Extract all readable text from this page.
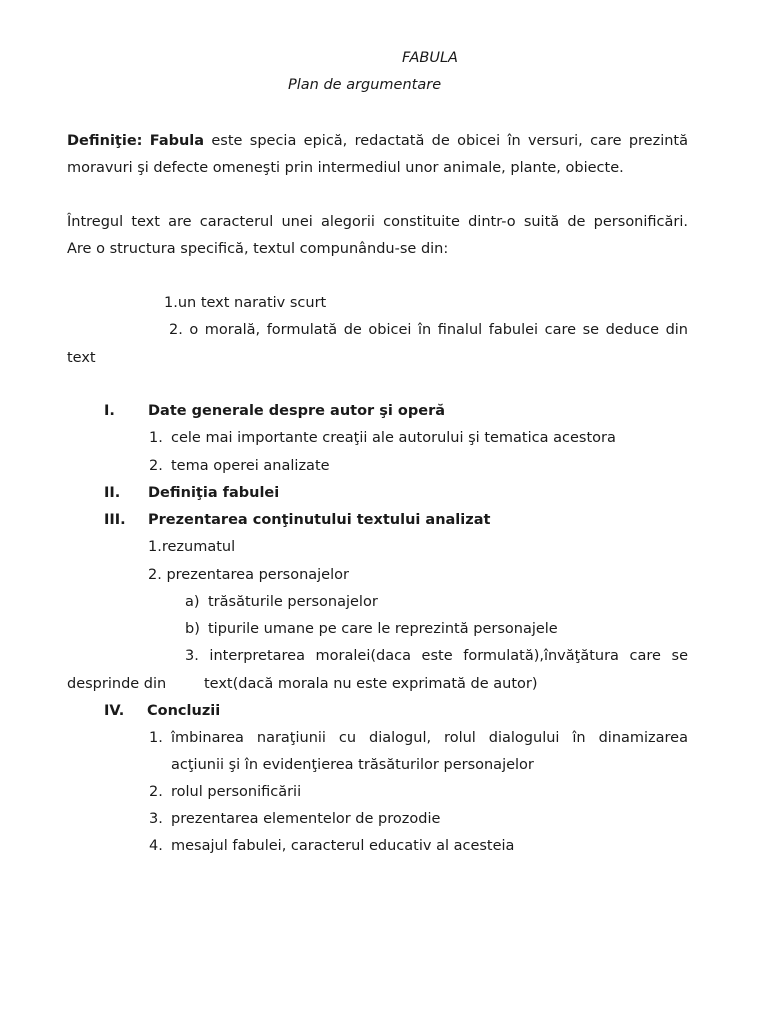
FABULA
Plan de argumentare
Definiţie: Fabula este specia epică, redactată de obicei în versuri, care prezintă
moravuri şi defecte omeneşti prin intermediul unor animale, plante, obiecte.
Întregul text are caracterul unei alegorii constituite dintr-o suită de personificări.
Are o structura specifică, textul compunându-se din:
1.un text narativ scurt
2. o morală, formulată de obicei în finalul fabulei care se deduce din
text
I. Date generale despre autor şi operă
1. cele mai importante creaţii ale autorului şi tematica acestora
2. tema operei analizate
II. Definiţia fabulei
III. Prezentarea conţinutului textului analizat
1.rezumatul
2. prezentarea personajelor
a) trăsăturile personajelor
b) tipurile umane pe care le reprezintă personajele
3. interpretarea moralei(daca este formulată),învăţătura care se
desprinde din	text(dacă morala nu este exprimată de autor)
IV. Concluzii
1. îmbinarea naraţiunii cu dialogul, rolul dialogului în dinamizarea
acţiunii şi în evidenţierea trăsăturilor personajelor
2. rolul personificării
3. prezentarea elementelor de prozodie
4. mesajul fabulei, caracterul educativ al acesteia
